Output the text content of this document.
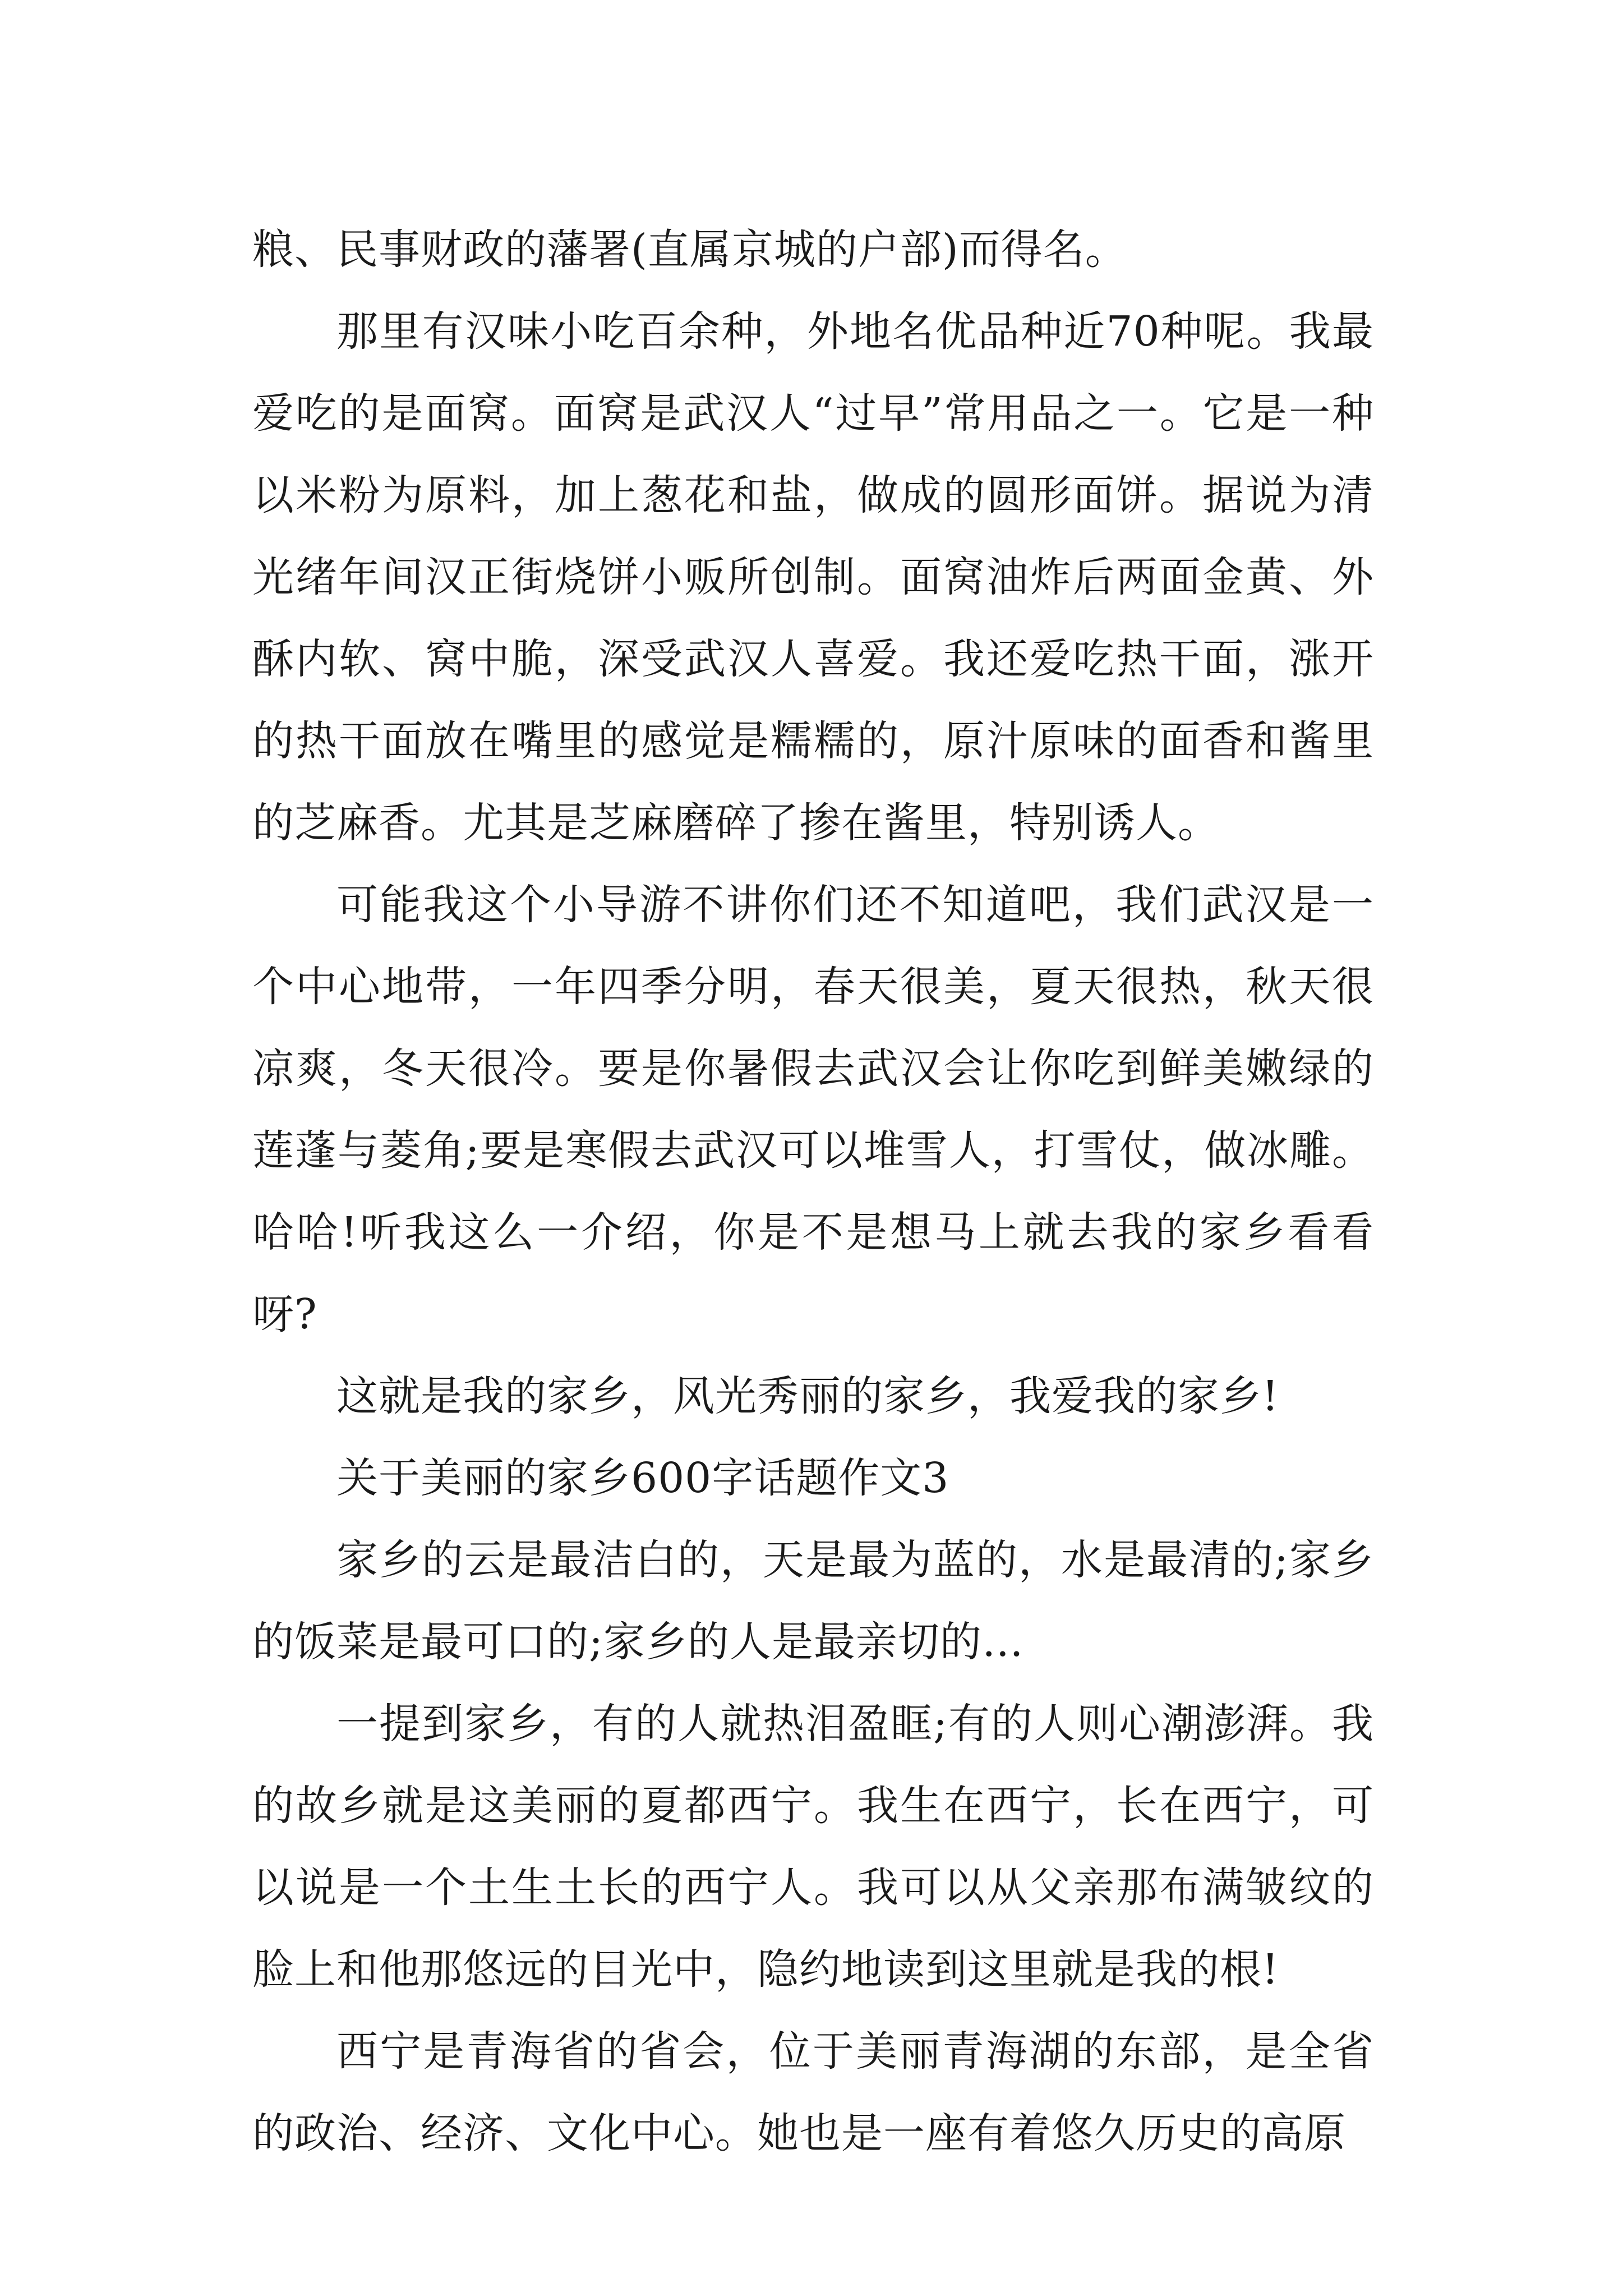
粮、民事财政的藩署(直属京城的户部)而得名。

那里有汉味小吃百余种，外地名优品种近70种呢。我最爱吃的是面窝。面窝是武汉人“过早”常用品之一。它是一种以米粉为原料，加上葱花和盐，做成的圆形面饼。据说为清光绪年间汉正街烧饼小贩所创制。面窝油炸后两面金黄、外酥内软、窝中脆，深受武汉人喜爱。我还爱吃热干面，涨开的热干面放在嘴里的感觉是糯糯的，原汁原味的面香和酱里的芝麻香。尤其是芝麻磨碎了掺在酱里，特别诱人。

可能我这个小导游不讲你们还不知道吧，我们武汉是一个中心地带，一年四季分明，春天很美，夏天很热，秋天很凉爽，冬天很冷。要是你暑假去武汉会让你吃到鲜美嫩绿的莲蓬与菱角;要是寒假去武汉可以堆雪人，打雪仗，做冰雕。哈哈!听我这么一介绍，你是不是想马上就去我的家乡看看呀?

这就是我的家乡，风光秀丽的家乡，我爱我的家乡!

关于美丽的家乡600字话题作文3

家乡的云是最洁白的，天是最为蓝的，水是最清的;家乡的饭菜是最可口的;家乡的人是最亲切的…

一提到家乡，有的人就热泪盈眶;有的人则心潮澎湃。我的故乡就是这美丽的夏都西宁。我生在西宁，长在西宁，可以说是一个土生土长的西宁人。我可以从父亲那布满皱纹的脸上和他那悠远的目光中，隐约地读到这里就是我的根!

西宁是青海省的省会，位于美丽青海湖的东部，是全省的政治、经济、文化中心。她也是一座有着悠久历史的高原
